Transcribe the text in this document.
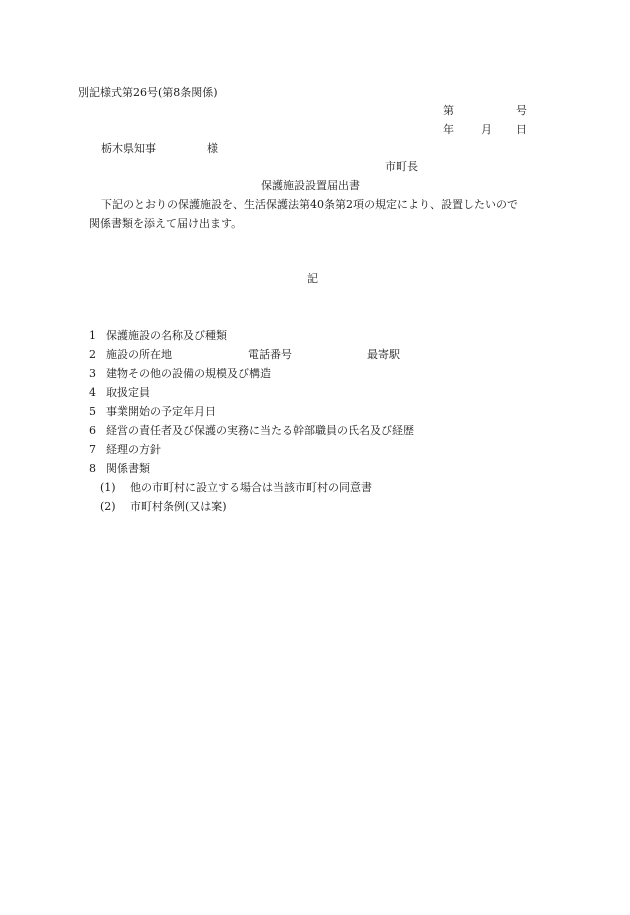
別記様式第26号(第8条関係)
第	号
年 月 日
栃木県知事	様
市町長
保護施設設置届出書
下記のとおりの保護施設を、生活保護法第40条第2項の規定により、設置したいので
関係書類を添えて届け出ます。
記
1 保護施設の名称及び種類
2 施設の所在地	電話番号	最寄駅
3 建物その他の設備の規模及び構造
4 取扱定員
5 事業開始の予定年月日
6 経営の責任者及び保護の実務に当たる幹部職員の氏名及び経歴
7 経理の方針
8 関係書類
(1) 他の市町村に設立する場合は当該市町村の同意書
(2) 市町村条例(又は案)
